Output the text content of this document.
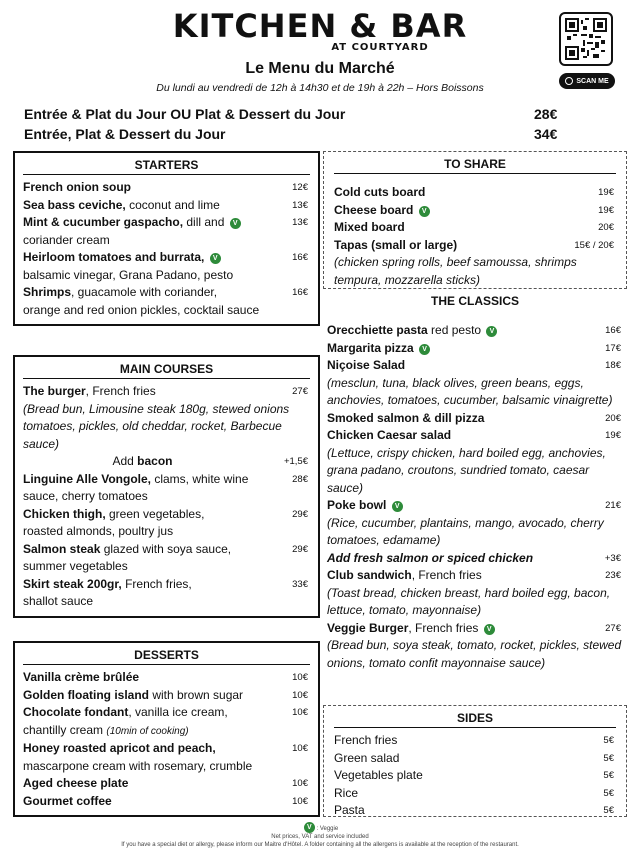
KITCHEN & BAR
AT COURTYARD
SCAN ME
Le Menu du Marché
Du lundi au vendredi de 12h à 14h30 et de 19h à 22h – Hors Boissons
Entrée & Plat du Jour OU Plat & Dessert du Jour	28€
Entrée, Plat & Dessert du Jour	34€
STARTERS
French onion soup	12€
Sea bass ceviche, coconut and lime	13€
Mint & cucumber gaspacho, dill and V	13€

coriander cream
Heirloom tomatoes and burrata, V	16€

balsamic vinegar, Grana Padano, pesto
Shrimps, guacamole with coriander,	16€

orange and red onion pickles, cocktail sauce
TO SHARE
Cold cuts board	19€
Cheese board V	19€
Mixed board	20€
Tapas (small or large)	15€ / 20€
(chicken spring rolls, beef samoussa, shrimps tempura, mozzarella sticks)
THE CLASSICS
Orecchiette pasta red pesto V	16€
Margarita pizza V	17€
Niçoise Salad	18€
(mesclun, tuna, black olives, green beans, eggs, anchovies, tomatoes, cucumber, balsamic vinaigrette)
Smoked salmon & dill pizza	20€
Chicken Caesar salad	19€
(Lettuce, crispy chicken, hard boiled egg, anchovies, grana padano, croutons, sundried tomato, caesar sauce)
Poke bowl V	21€
(Rice, cucumber, plantains, mango, avocado, cherry tomatoes, edamame)
Add fresh salmon or spiced chicken	+3€
Club sandwich, French fries	23€
(Toast bread, chicken breast, hard boiled egg, bacon, lettuce, tomato, mayonnaise)
Veggie Burger, French fries V	27€
(Bread bun, soya steak, tomato, rocket, pickles, stewed onions, tomato confit mayonnaise sauce)
MAIN COURSES
The burger, French fries	27€
(Bread bun, Limousine steak 180g, stewed onions tomatoes, pickles, old cheddar, rocket, Barbecue sauce)
Add bacon	+1,5€
Linguine Alle Vongole, clams, white wine	28€

sauce, cherry tomatoes
Chicken thigh, green vegetables,	29€

roasted almonds, poultry jus
Salmon steak glazed with soya sauce,	29€

summer vegetables
Skirt steak 200gr, French fries,	33€

shallot sauce
DESSERTS
Vanilla crème brûlée	10€
Golden floating island with brown sugar	10€
Chocolate fondant, vanilla ice cream,	10€

chantilly cream (10min of cooking)
Honey roasted apricot and peach,	10€

mascarpone cream with rosemary, crumble
Aged cheese plate	10€
Gourmet coffee	10€
SIDES
French fries	5€
Green salad	5€
Vegetables plate	5€
Rice	5€
Pasta	5€
V : Veggie
Net prices, VAT and service included
If you have a special diet or allergy, please inform our Maitre d'Hôtel. A folder containing all the allergens is available at the reception of the restaurant.
